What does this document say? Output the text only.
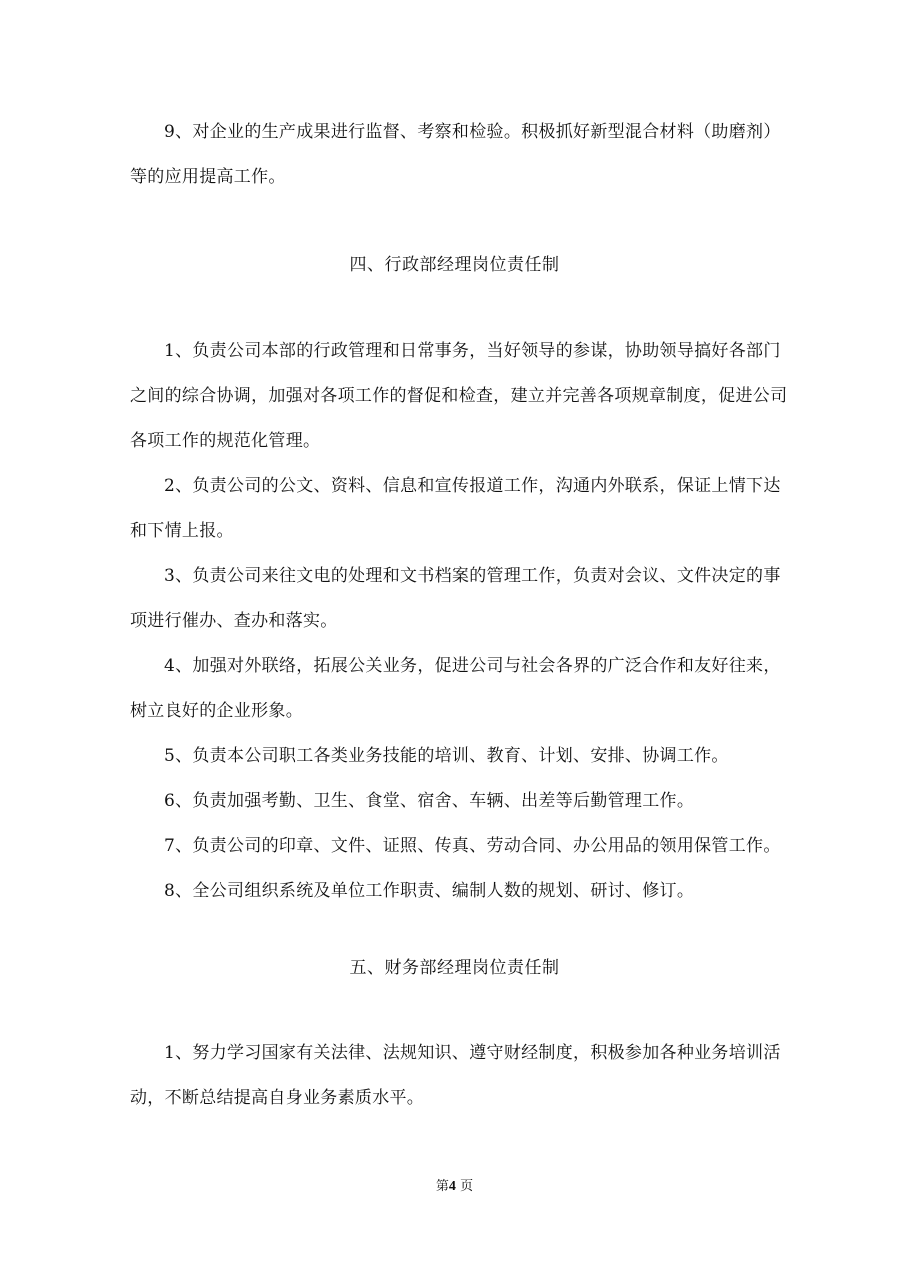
9、对企业的生产成果进行监督、考察和检验。积极抓好新型混合材料（助磨剂）等的应用提高工作。

四、行政部经理岗位责任制

1、负责公司本部的行政管理和日常事务，当好领导的参谋，协助领导搞好各部门之间的综合协调，加强对各项工作的督促和检查，建立并完善各项规章制度，促进公司各项工作的规范化管理。

2、负责公司的公文、资料、信息和宣传报道工作，沟通内外联系，保证上情下达和下情上报。

3、负责公司来往文电的处理和文书档案的管理工作，负责对会议、文件决定的事项进行催办、查办和落实。

4、加强对外联络，拓展公关业务，促进公司与社会各界的广泛合作和友好往来，树立良好的企业形象。

5、负责本公司职工各类业务技能的培训、教育、计划、安排、协调工作。

6、负责加强考勤、卫生、食堂、宿舍、车辆、出差等后勤管理工作。

7、负责公司的印章、文件、证照、传真、劳动合同、办公用品的领用保管工作。

8、全公司组织系统及单位工作职责、编制人数的规划、研讨、修订。

五、财务部经理岗位责任制

1、努力学习国家有关法律、法规知识、遵守财经制度，积极参加各种业务培训活动，不断总结提高自身业务素质水平。

第4 页
